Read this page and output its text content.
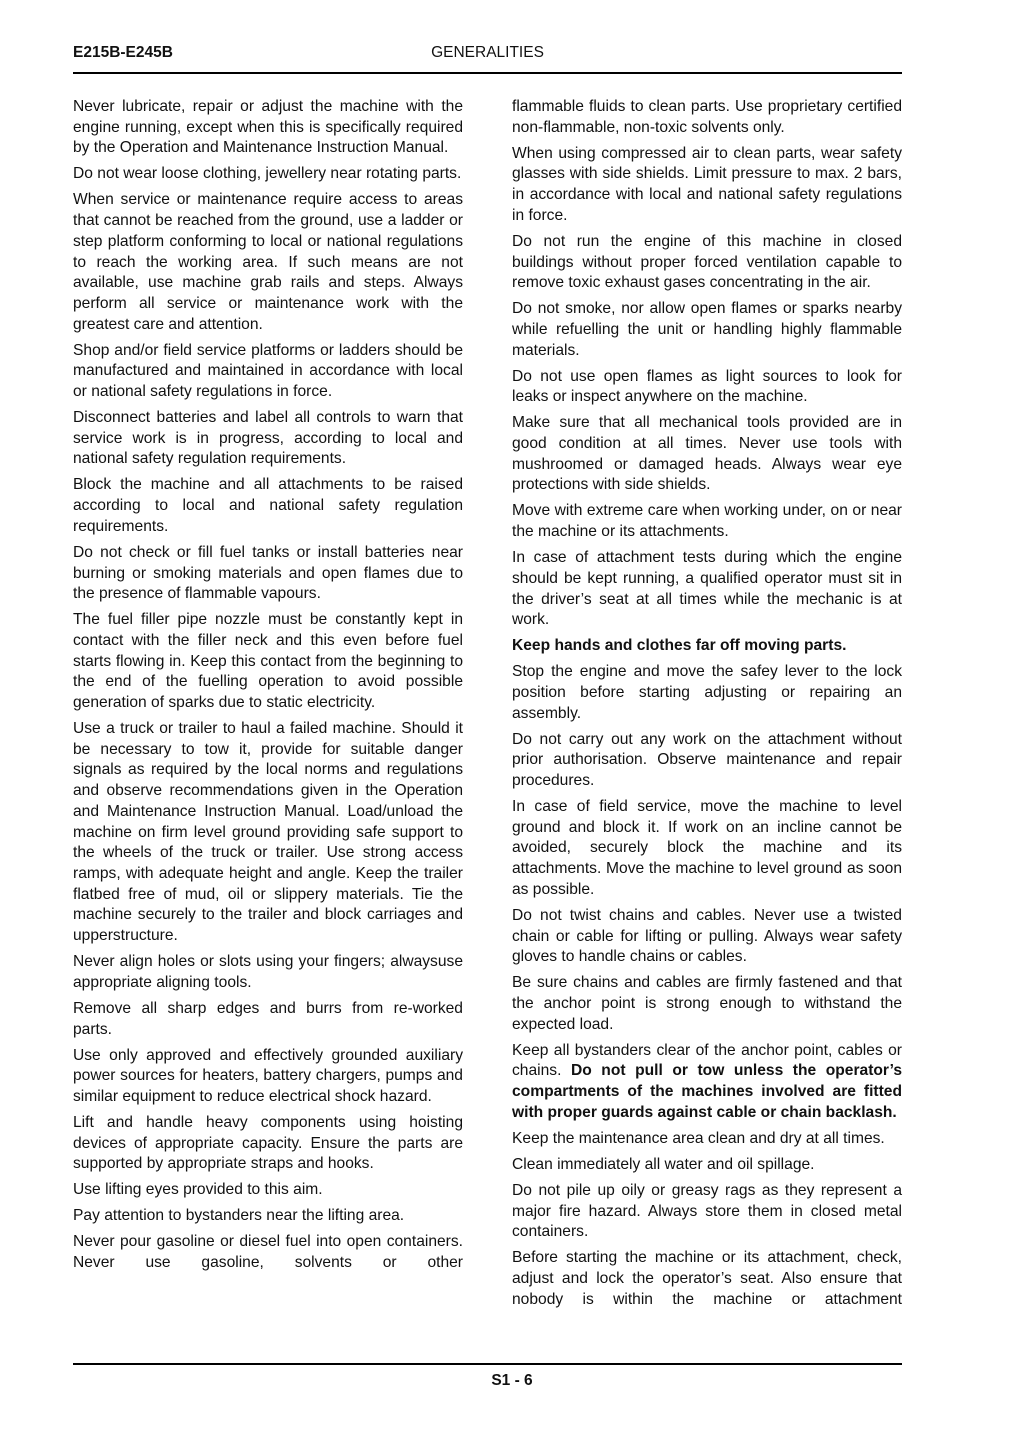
E215B-E245B	GENERALITIES

Never lubricate, repair or adjust the machine with the engine running, except when this is specifically required by the Operation and Maintenance Instruction Manual.

Do not wear loose clothing, jewellery near rotating parts.

When service or maintenance require access to areas that cannot be reached from the ground, use a ladder or step platform conforming to local or national regulations to reach the working area. If such means are not available, use machine grab rails and steps. Always perform all service or maintenance work with the greatest care and attention.

Shop and/or field service platforms or ladders should be manufactured and maintained in accordance with local or national safety regulations in force.

Disconnect batteries and label all controls to warn that service work is in progress, according to local and national safety regulation requirements.

Block the machine and all attachments to be raised according to local and national safety regulation requirements.

Do not check or fill fuel tanks or install batteries near burning or smoking materials and open flames due to the presence of flammable vapours.

The fuel filler pipe nozzle must be constantly kept in contact with the filler neck and this even before fuel starts flowing in. Keep this contact from the beginning to the end of the fuelling operation to avoid possible generation of sparks due to static electricity.

Use a truck or trailer to haul a failed machine. Should it be necessary to tow it, provide for suitable danger signals as required by the local norms and regulations and observe recommendations given in the Operation and Maintenance Instruction Manual. Load/unload the machine on firm level ground providing safe support to the wheels of the truck or trailer. Use strong access ramps, with adequate height and angle. Keep the trailer flatbed free of mud, oil or slippery materials. Tie the machine securely to the trailer and block carriages and upperstructure.

Never align holes or slots using your fingers; alwaysuse appropriate aligning tools.

Remove all sharp edges and burrs from re-worked parts.

Use only approved and effectively grounded auxiliary power sources for heaters, battery chargers, pumps and similar equipment to reduce electrical shock hazard.

Lift and handle heavy components using hoisting devices of appropriate capacity. Ensure the parts are supported by appropriate straps and hooks.

Use lifting eyes provided to this aim.

Pay attention to bystanders near the lifting area.

Never pour gasoline or diesel fuel into open containers. Never use gasoline, solvents or other

flammable fluids to clean parts. Use proprietary certified non-flammable, non-toxic solvents only.

When using compressed air to clean parts, wear safety glasses with side shields. Limit pressure to max. 2 bars, in accordance with local and national safety regulations in force.

Do not run the engine of this machine in closed buildings without proper forced ventilation capable to remove toxic exhaust gases concentrating in the air.

Do not smoke, nor allow open flames or sparks nearby while refuelling the unit or handling highly flammable materials.

Do not use open flames as light sources to look for leaks or inspect anywhere on the machine.

Make sure that all mechanical tools provided are in good condition at all times. Never use tools with mushroomed or damaged heads. Always wear eye protections with side shields.

Move with extreme care when working under, on or near the machine or its attachments.

In case of attachment tests during which the engine should be kept running, a qualified operator must sit in the driver’s seat at all times while the mechanic is at work.

Keep hands and clothes far off moving parts.

Stop the engine and move the safey lever to the lock position before starting adjusting or repairing an assembly.

Do not carry out any work on the attachment without prior authorisation. Observe maintenance and repair procedures.

In case of field service, move the machine to level ground and block it. If work on an incline cannot be avoided, securely block the machine and its attachments. Move the machine to level ground as soon as possible.

Do not twist chains and cables. Never use a twisted chain or cable for lifting or pulling. Always wear safety gloves to handle chains or cables.

Be sure chains and cables are firmly fastened and that the anchor point is strong enough to withstand the expected load.

Keep all bystanders clear of the anchor point, cables or chains. Do not pull or tow unless the operator’s compartments of the machines involved are fitted with proper guards against cable or chain backlash.

Keep the maintenance area clean and dry at all times.

Clean immediately all water and oil spillage.

Do not pile up oily or greasy rags as they represent a major fire hazard. Always store them in closed metal containers.

Before starting the machine or its attachment, check, adjust and lock the operator’s seat. Also ensure that nobody is within the machine or attachment

S1 - 6
